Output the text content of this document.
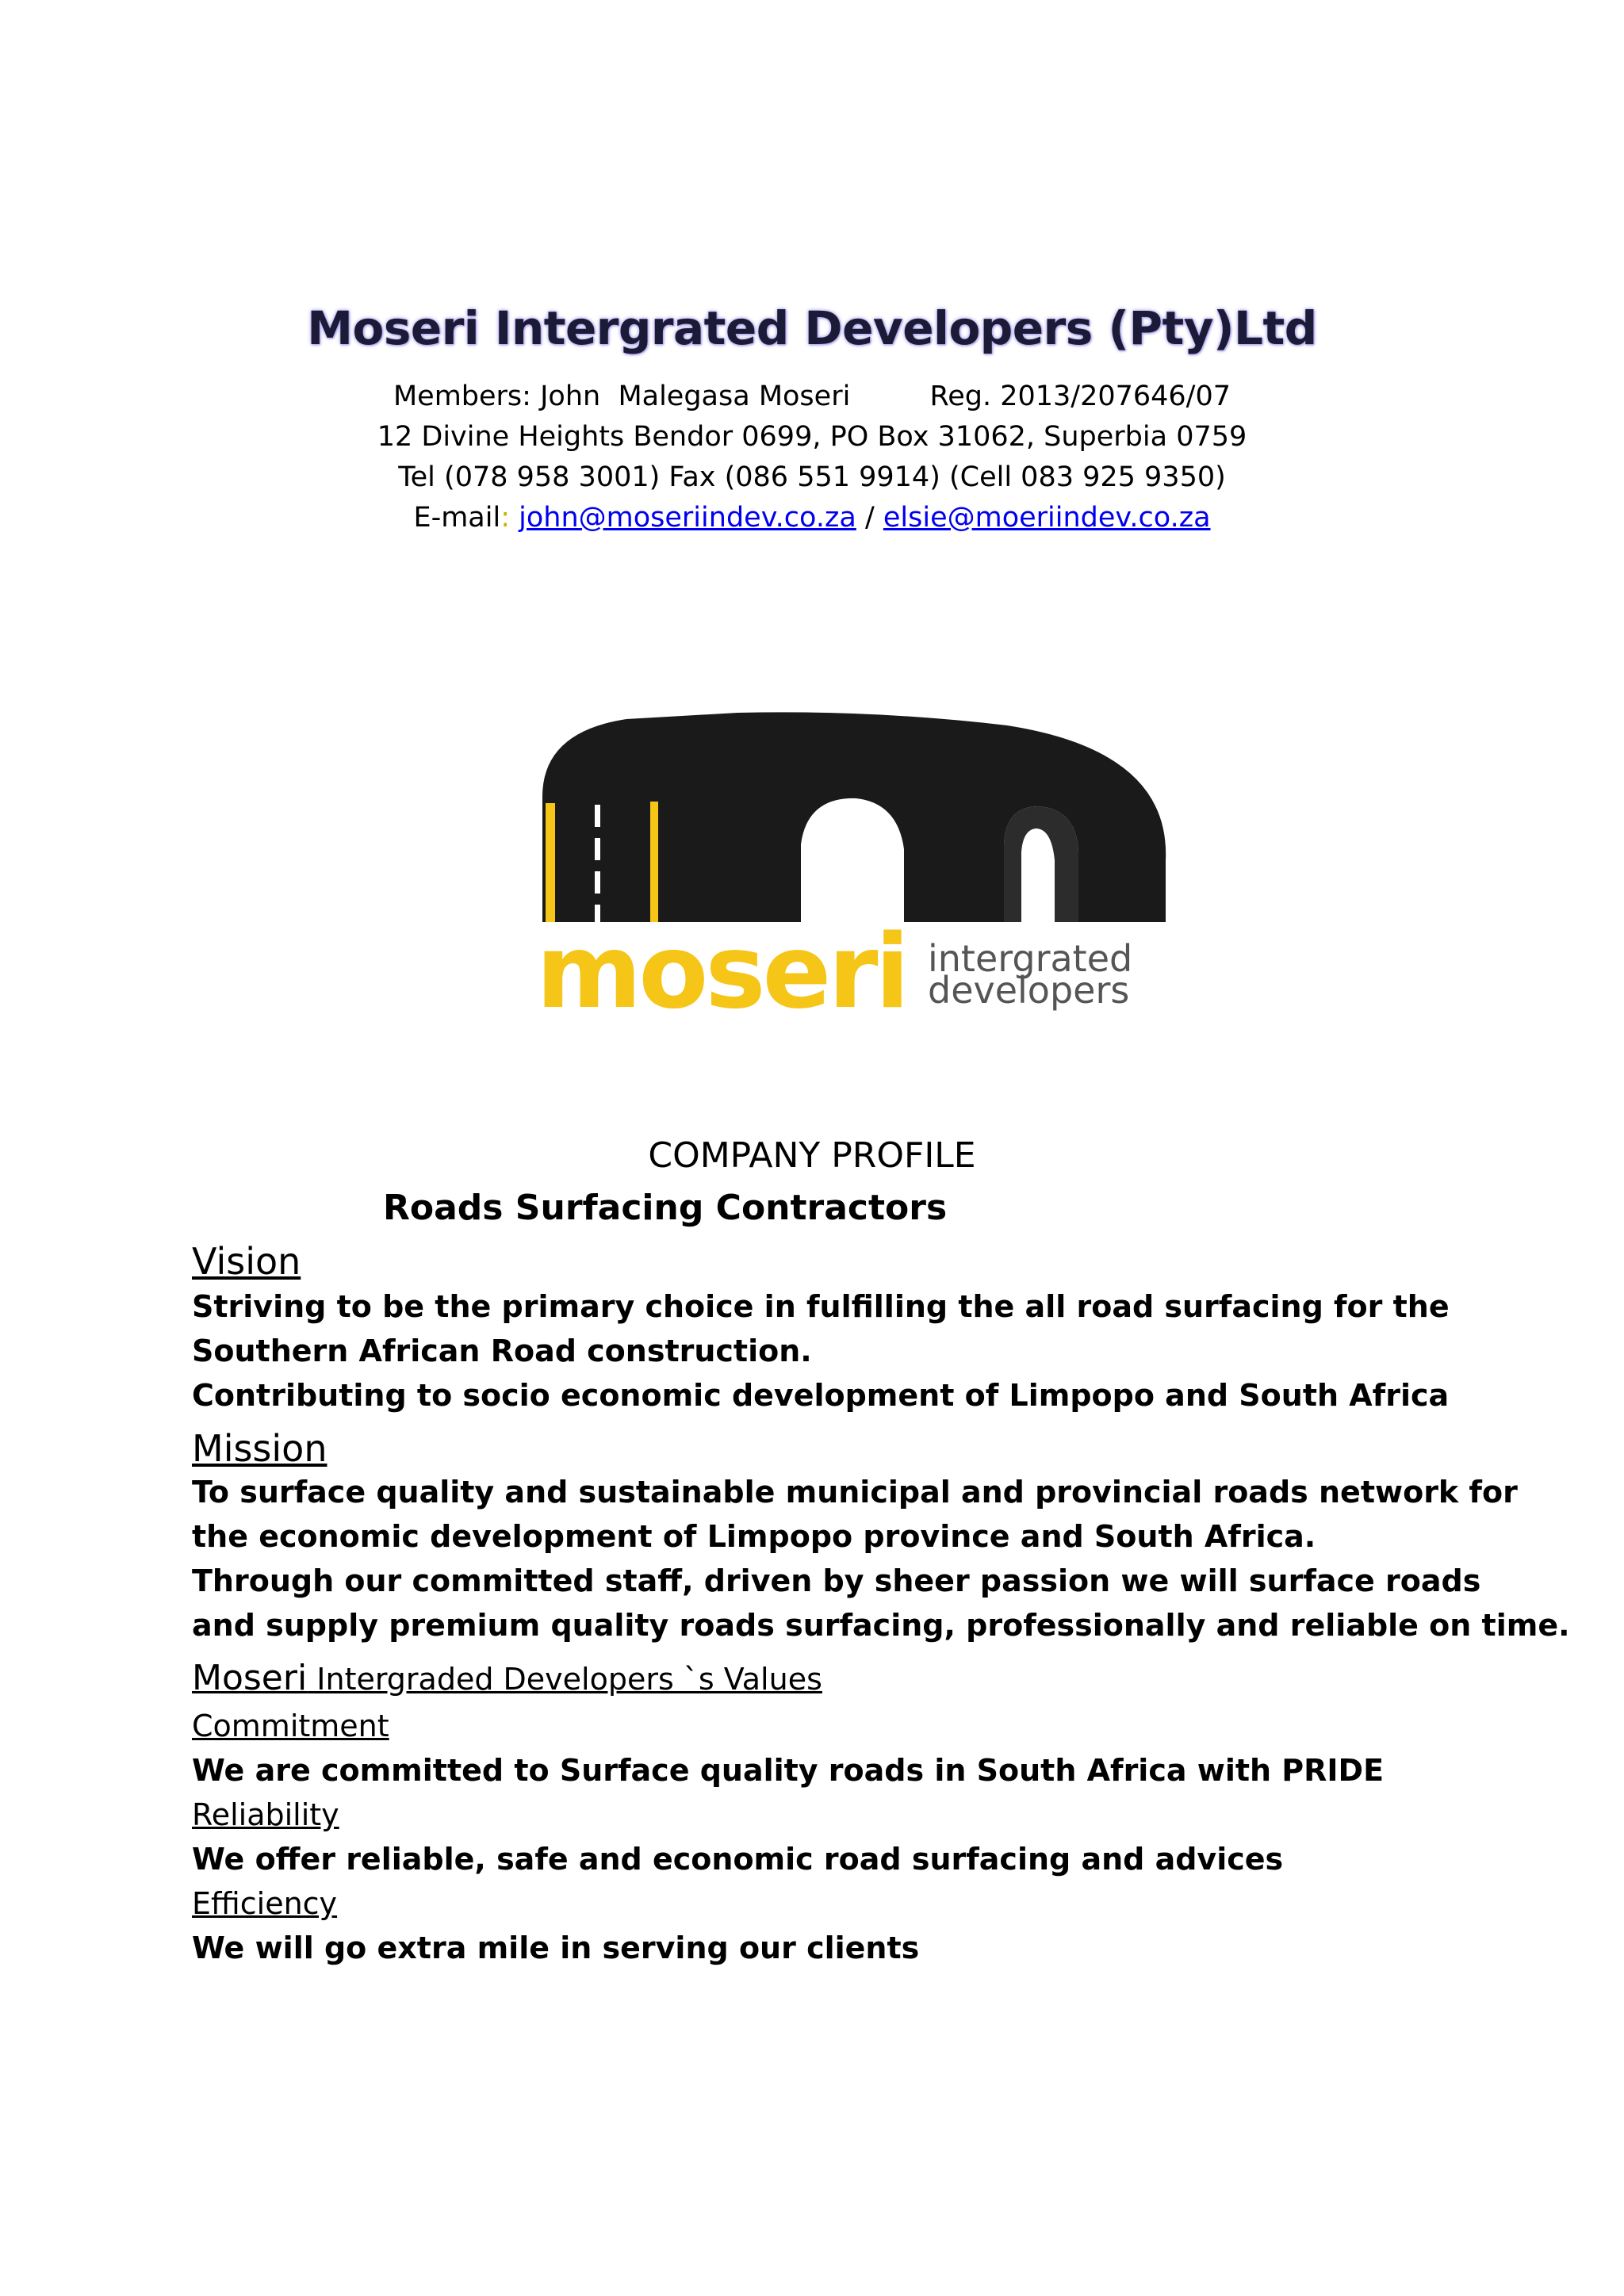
Moseri Intergrated Developers (Pty)Ltd
Members: John  Malegasa Moseri	Reg. 2013/207646/07
12 Divine Heights Bendor 0699, PO Box 31062, Superbia 0759
Tel (078 958 3001) Fax (086 551 9914) (Cell 083 925 9350)
E-mail: john@moseriindev.co.za / elsie@moeriindev.co.za
moseri intergrated
developers
COMPANY PROFILE
Roads Surfacing Contractors
Vision
Striving to be the primary choice in fulfilling the all road surfacing for the
Southern African Road construction.
Contributing to socio economic development of Limpopo and South Africa
Mission
To surface quality and sustainable municipal and provincial roads network for
the economic development of Limpopo province and South Africa.
Through our committed staff, driven by sheer passion we will surface roads
and supply premium quality roads surfacing, professionally and reliable on time.
Moseri Intergraded Developers `s Values
Commitment
We are committed to Surface quality roads in South Africa with PRIDE
Reliability
We offer reliable, safe and economic road surfacing and advices
Efficiency
We will go extra mile in serving our clients
